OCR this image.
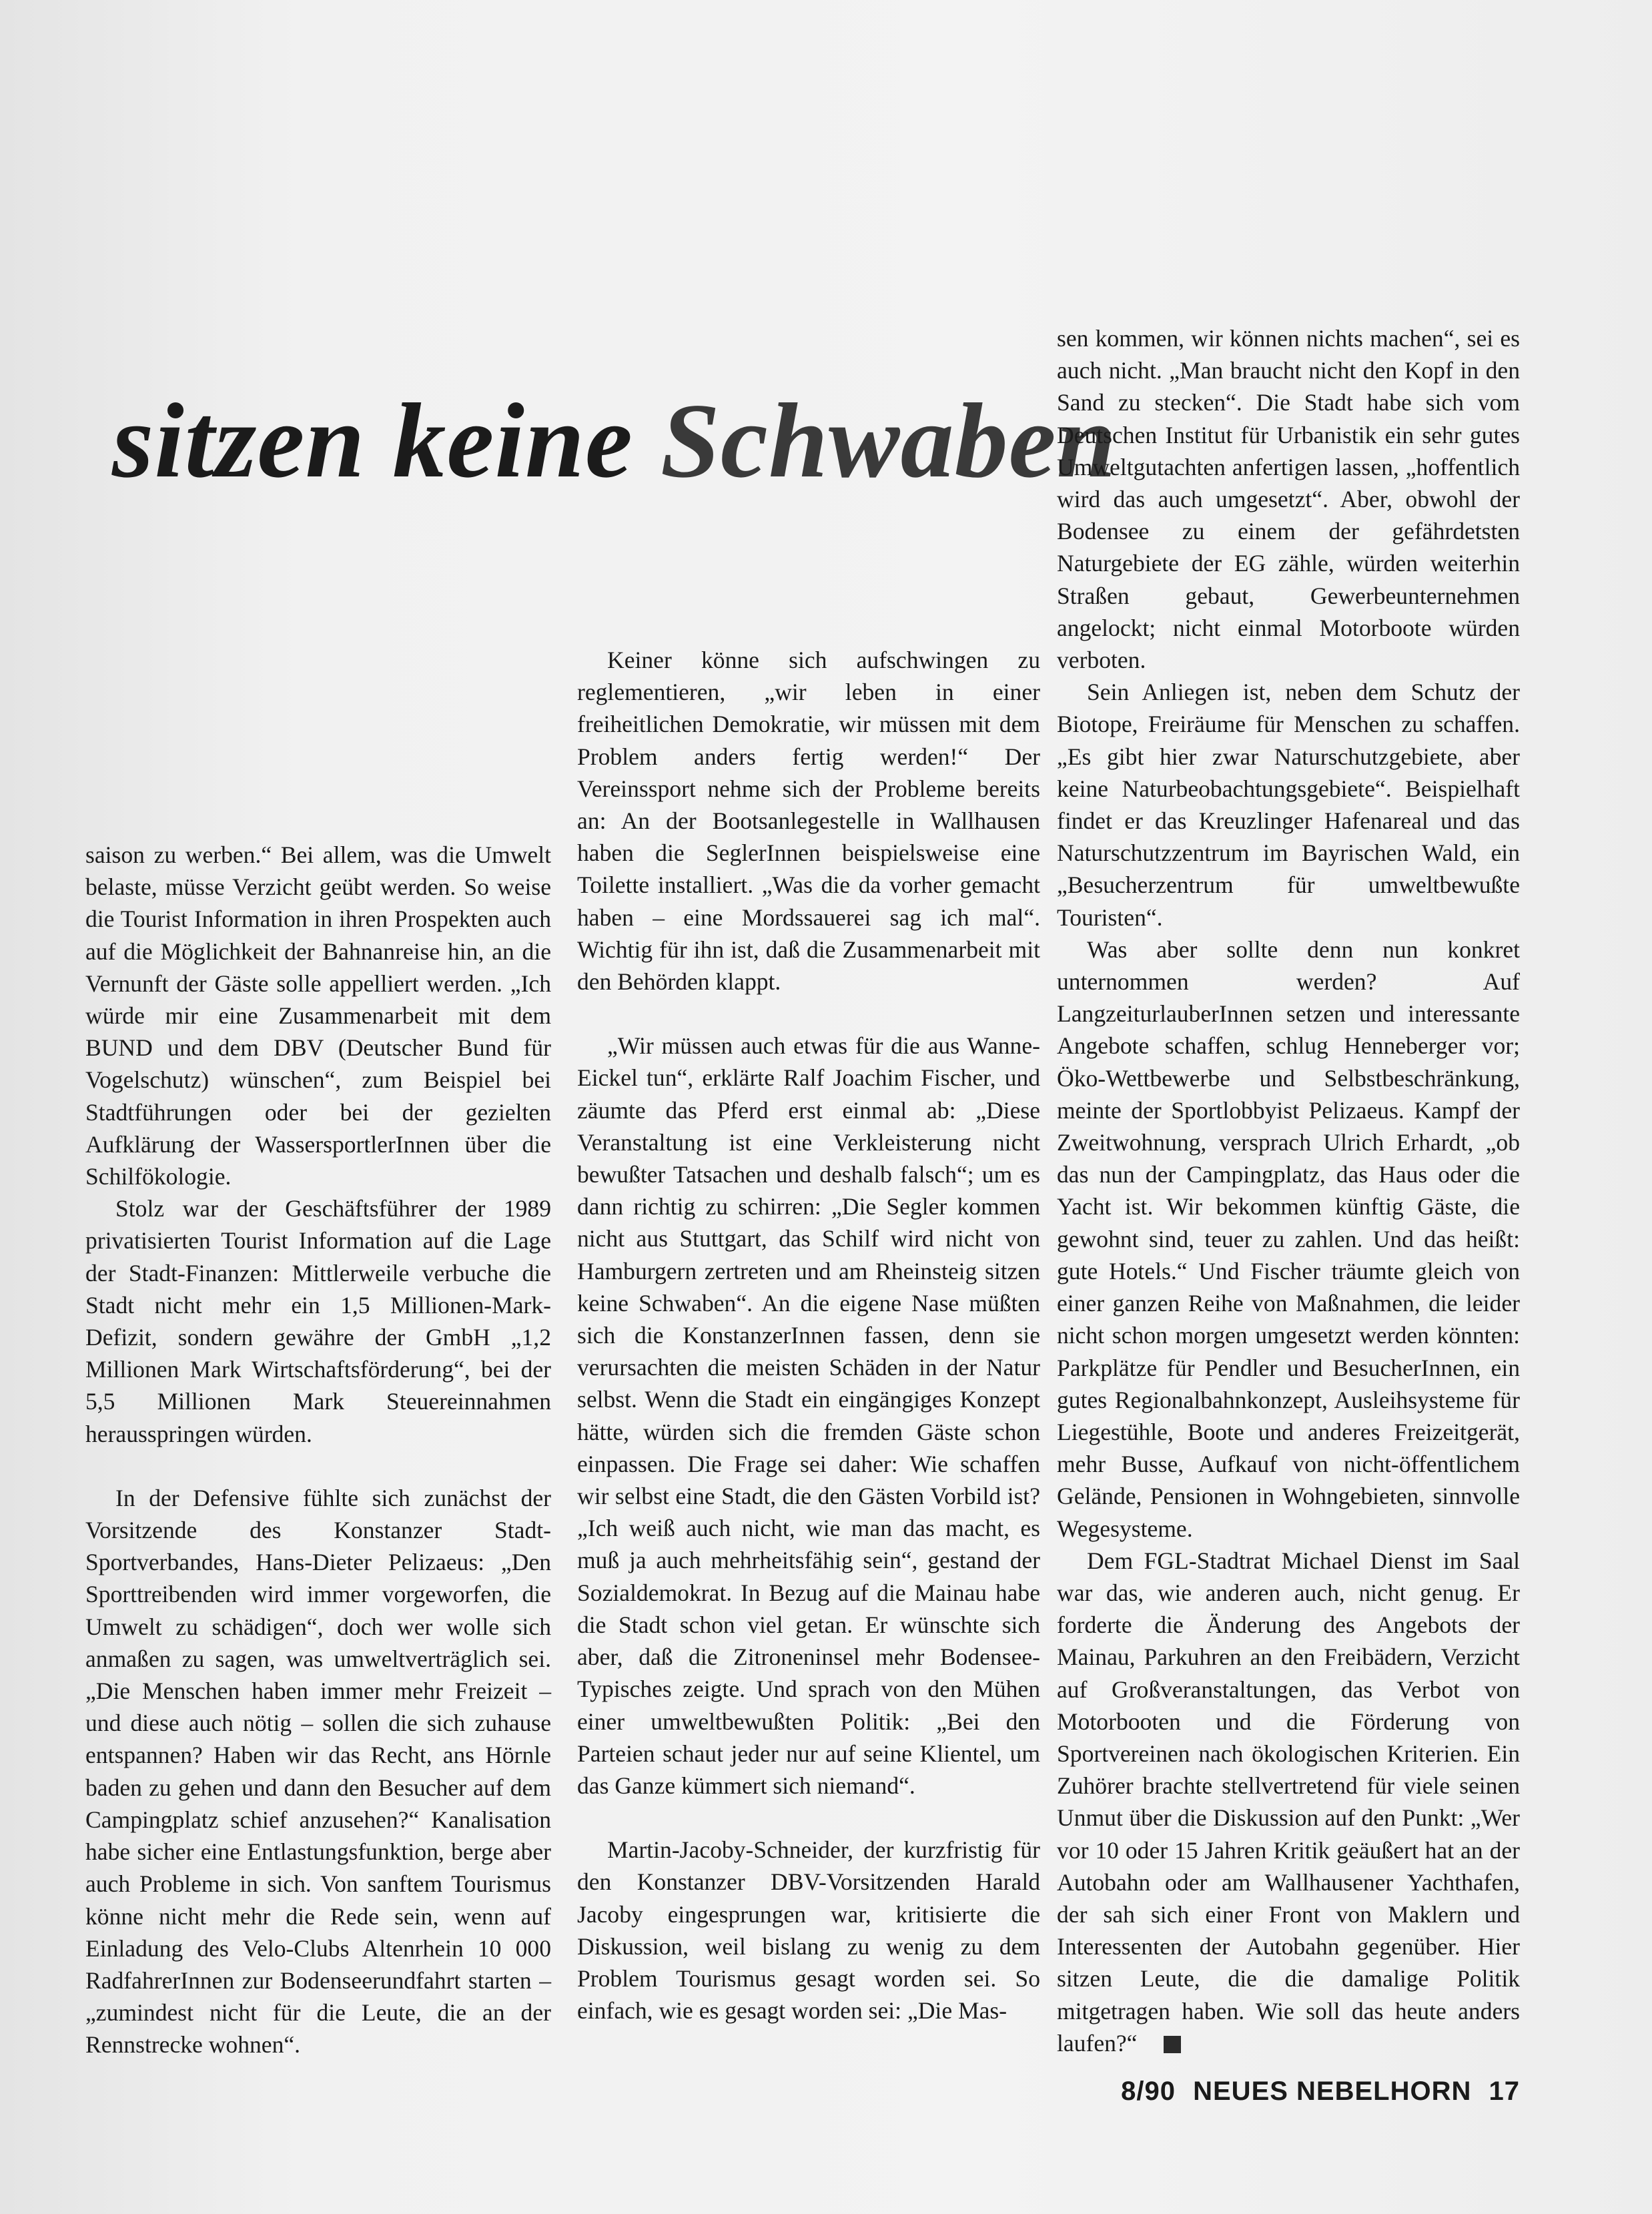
sitzen keine Schwaben

saison zu werben.“ Bei allem, was die Umwelt belaste, müsse Verzicht geübt werden. So weise die Tourist Information in ihren Prospekten auch auf die Möglichkeit der Bahnanreise hin, an die Vernunft der Gäste solle appelliert werden. „Ich würde mir eine Zusammenarbeit mit dem BUND und dem DBV (Deutscher Bund für Vogelschutz) wünschen“, zum Beispiel bei Stadtführungen oder bei der gezielten Aufklärung der WassersportlerInnen über die Schilfökologie.

Stolz war der Geschäftsführer der 1989 privatisierten Tourist Information auf die Lage der Stadt-Finanzen: Mittlerweile verbuche die Stadt nicht mehr ein 1,5 Millionen-Mark-Defizit, sondern gewähre der GmbH „1,2 Millionen Mark Wirtschaftsförderung“, bei der 5,5 Millionen Mark Steuereinnahmen herausspringen würden.

In der Defensive fühlte sich zunächst der Vorsitzende des Konstanzer Stadt-Sportverbandes, Hans-Dieter Pelizaeus: „Den Sporttreibenden wird immer vorgeworfen, die Umwelt zu schädigen“, doch wer wolle sich anmaßen zu sagen, was umweltverträglich sei. „Die Menschen haben immer mehr Freizeit – und diese auch nötig – sollen die sich zuhause entspannen? Haben wir das Recht, ans Hörnle baden zu gehen und dann den Besucher auf dem Campingplatz schief anzusehen?“ Kanalisation habe sicher eine Entlastungsfunktion, berge aber auch Probleme in sich. Von sanftem Tourismus könne nicht mehr die Rede sein, wenn auf Einladung des Velo-Clubs Altenrhein 10 000 RadfahrerInnen zur Bodenseerundfahrt starten – „zumindest nicht für die Leute, die an der Rennstrecke wohnen“.

Keiner könne sich aufschwingen zu reglementieren, „wir leben in einer freiheitlichen Demokratie, wir müssen mit dem Problem anders fertig werden!“ Der Vereinssport nehme sich der Probleme bereits an: An der Bootsanlegestelle in Wallhausen haben die SeglerInnen beispielsweise eine Toilette installiert. „Was die da vorher gemacht haben – eine Mordssauerei sag ich mal“. Wichtig für ihn ist, daß die Zusammenarbeit mit den Behörden klappt.

„Wir müssen auch etwas für die aus Wanne-Eickel tun“, erklärte Ralf Joachim Fischer, und zäumte das Pferd erst einmal ab: „Diese Veranstaltung ist eine Verkleisterung nicht bewußter Tatsachen und deshalb falsch“; um es dann richtig zu schirren: „Die Segler kommen nicht aus Stuttgart, das Schilf wird nicht von Hamburgern zertreten und am Rheinsteig sitzen keine Schwaben“. An die eigene Nase müßten sich die KonstanzerInnen fassen, denn sie verursachten die meisten Schäden in der Natur selbst. Wenn die Stadt ein eingängiges Konzept hätte, würden sich die fremden Gäste schon einpassen. Die Frage sei daher: Wie schaffen wir selbst eine Stadt, die den Gästen Vorbild ist? „Ich weiß auch nicht, wie man das macht, es muß ja auch mehrheitsfähig sein“, gestand der Sozialdemokrat. In Bezug auf die Mainau habe die Stadt schon viel getan. Er wünschte sich aber, daß die Zitroneninsel mehr Bodensee-Typisches zeigte. Und sprach von den Mühen einer umweltbewußten Politik: „Bei den Parteien schaut jeder nur auf seine Klientel, um das Ganze kümmert sich niemand“.

Martin-Jacoby-Schneider, der kurzfristig für den Konstanzer DBV-Vorsitzenden Harald Jacoby eingesprungen war, kritisierte die Diskussion, weil bislang zu wenig zu dem Problem Tourismus gesagt worden sei. So einfach, wie es gesagt worden sei: „Die Mas-

sen kommen, wir können nichts machen“, sei es auch nicht. „Man braucht nicht den Kopf in den Sand zu stecken“. Die Stadt habe sich vom Deutschen Institut für Urbanistik ein sehr gutes Umweltgutachten anfertigen lassen, „hoffentlich wird das auch umgesetzt“. Aber, obwohl der Bodensee zu einem der gefährdetsten Naturgebiete der EG zähle, würden weiterhin Straßen gebaut, Gewerbeunternehmen angelockt; nicht einmal Motorboote würden verboten.

Sein Anliegen ist, neben dem Schutz der Biotope, Freiräume für Menschen zu schaffen. „Es gibt hier zwar Naturschutzgebiete, aber keine Naturbeobachtungsgebiete“. Beispielhaft findet er das Kreuzlinger Hafenareal und das Naturschutzzentrum im Bayrischen Wald, ein „Besucherzentrum für umweltbewußte Touristen“.

Was aber sollte denn nun konkret unternommen werden? Auf LangzeiturlauberInnen setzen und interessante Angebote schaffen, schlug Henneberger vor; Öko-Wettbewerbe und Selbstbeschränkung, meinte der Sportlobbyist Pelizaeus. Kampf der Zweitwohnung, versprach Ulrich Erhardt, „ob das nun der Campingplatz, das Haus oder die Yacht ist. Wir bekommen künftig Gäste, die gewohnt sind, teuer zu zahlen. Und das heißt: gute Hotels.“ Und Fischer träumte gleich von einer ganzen Reihe von Maßnahmen, die leider nicht schon morgen umgesetzt werden könnten: Parkplätze für Pendler und BesucherInnen, ein gutes Regionalbahnkonzept, Ausleihsysteme für Liegestühle, Boote und anderes Freizeitgerät, mehr Busse, Aufkauf von nicht-öffentlichem Gelände, Pensionen in Wohngebieten, sinnvolle Wegesysteme.

Dem FGL-Stadtrat Michael Dienst im Saal war das, wie anderen auch, nicht genug. Er forderte die Änderung des Angebots der Mainau, Parkuhren an den Freibädern, Verzicht auf Großveranstaltungen, das Verbot von Motorbooten und die Förderung von Sportvereinen nach ökologischen Kriterien. Ein Zuhörer brachte stellvertretend für viele seinen Unmut über die Diskussion auf den Punkt: „Wer vor 10 oder 15 Jahren Kritik geäußert hat an der Autobahn oder am Wallhausener Yachthafen, der sah sich einer Front von Maklern und Interessenten der Autobahn gegenüber. Hier sitzen Leute, die die damalige Politik mitgetragen haben. Wie soll das heute anders laufen?“

8/90 NEUES NEBELHORN 17
